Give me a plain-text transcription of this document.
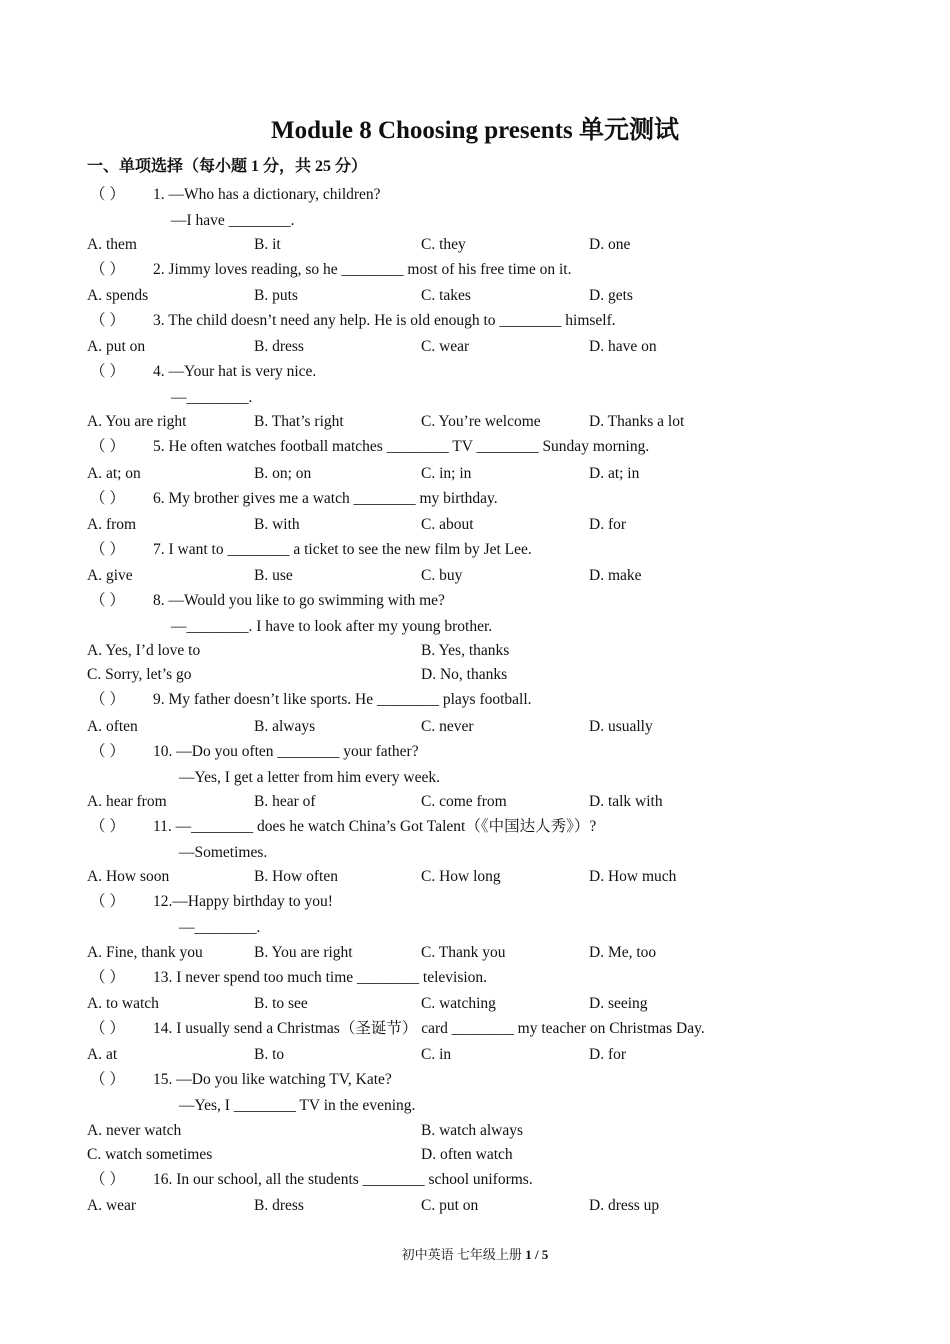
Module 8 Choosing presents 单元测试
一、单项选择（每小题 1 分，共 25 分）
（ ） 1. —Who has a dictionary, children?
—I have ________.
A. them	B. it	C. they	D. one
（ ） 2. Jimmy loves reading, so he ________ most of his free time on it.
A. spends	B. puts	C. takes	D. gets
（ ） 3. The child doesn’t need any help. He is old enough to ________ himself.
A. put on	B. dress	C. wear	D. have on
（ ） 4. —Your hat is very nice.
—________.
A. You are right	B. That’s right	C. You’re welcome	D. Thanks a lot
（ ） 5. He often watches football matches ________ TV ________ Sunday morning.
A. at; on	B. on; on	C. in; in	D. at; in
（ ） 6. My brother gives me a watch ________ my birthday.
A. from	B. with	C. about	D. for
（ ） 7. I want to ________ a ticket to see the new film by Jet Lee.
A. give	B. use	C. buy	D. make
（ ） 8. —Would you like to go swimming with me?
—________. I have to look after my young brother.
A. Yes, I’d love to	B. Yes, thanks
C. Sorry, let’s go	D. No, thanks
（ ） 9. My father doesn’t like sports. He ________ plays football.
A. often	B. always	C. never	D. usually
（ ） 10. —Do you often ________ your father?
—Yes, I get a letter from him every week.
A. hear from	B. hear of	C. come from	D. talk with
（ ） 11. —________ does he watch China’s Got Talent（《中国达人秀》）?
—Sometimes.
A. How soon	B. How often	C. How long	D. How much
（ ） 12.—Happy birthday to you!
—________.
A. Fine, thank you	B. You are right	C. Thank you	D. Me, too
（ ） 13. I never spend too much time ________ television.
A. to watch	B. to see	C. watching	D. seeing
（ ） 14. I usually send a Christmas（圣诞节） card ________ my teacher on Christmas Day.
A. at	B. to	C. in	D. for
（ ） 15. —Do you like watching TV, Kate?
—Yes, I ________ TV in the evening.
A. never watch	B. watch always
C. watch sometimes	D. often watch
（ ） 16. In our school, all the students ________ school uniforms.
A. wear	B. dress	C. put on	D. dress up
初中英语 七年级上册 1 / 5
